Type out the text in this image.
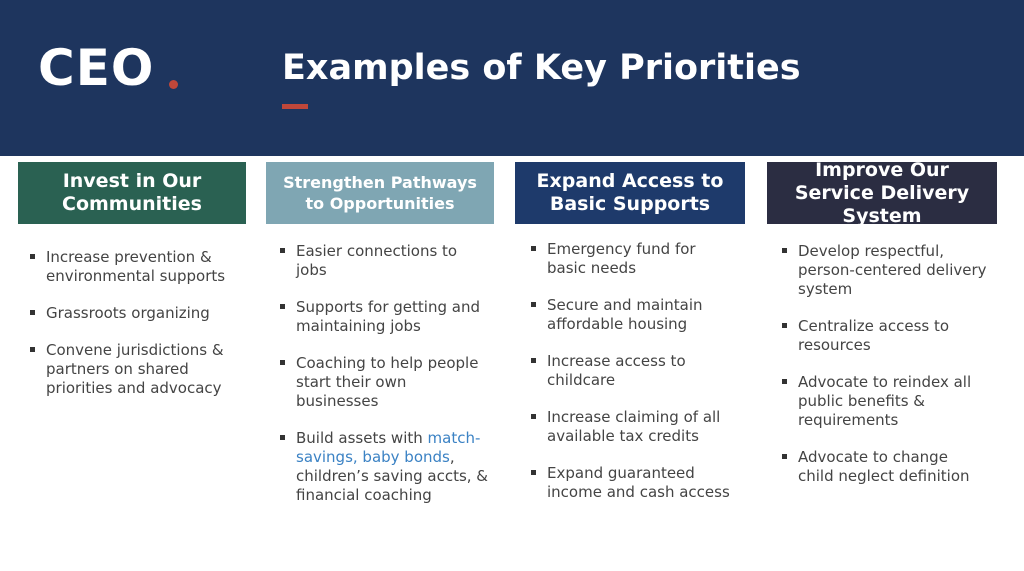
CEO	Examples of Key Priorities
Invest in Our Communities
Increase prevention & environmental supports
Grassroots organizing
Convene jurisdictions & partners on shared priorities and advocacy
Strengthen Pathways to Opportunities
Easier connections to jobs
Supports for getting and maintaining jobs
Coaching to help people start their own businesses
Build assets with match-savings, baby bonds, children’s saving accts, & financial coaching
Expand Access to Basic Supports
Emergency fund for basic needs
Secure and maintain affordable housing
Increase access to childcare
Increase claiming of all available tax credits
Expand guaranteed income and cash access
Improve Our Service Delivery System
Develop respectful, person-centered delivery system
Centralize access to resources
Advocate to reindex all public benefits & requirements
Advocate to change child neglect definition
